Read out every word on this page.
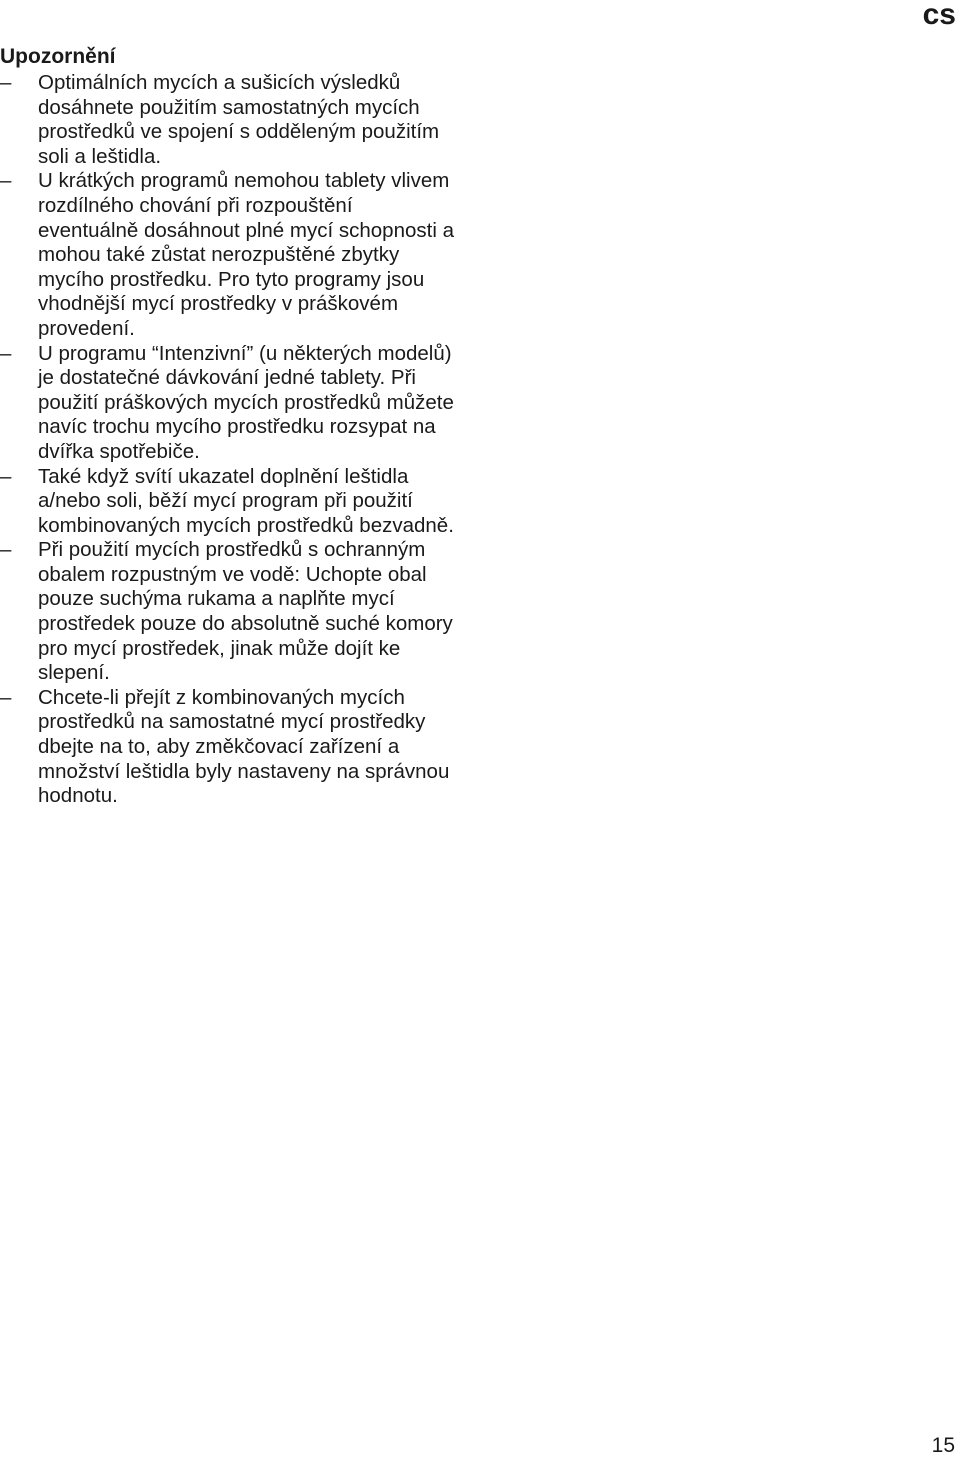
cs
Upozornění
– Optimálních mycích a sušicích výsledků dosáhnete použitím samostatných mycích prostředků ve spojení s odděleným použitím soli a leštidla.
– U krátkých programů nemohou tablety vlivem rozdílného chování při rozpouštění eventuálně dosáhnout plné mycí schopnosti a mohou také zůstat nerozpuštěné zbytky mycího prostředku. Pro tyto programy jsou vhodnější mycí prostředky v práškovém provedení.
– U programu “Intenzivní” (u některých modelů) je dostatečné dávkování jedné tablety. Při použití práškových mycích prostředků můžete navíc trochu mycího prostředku rozsypat na dvířka spotřebiče.
– Také když svítí ukazatel doplnění leštidla a/nebo soli, běží mycí program při použití kombinovaných mycích prostředků bezvadně.
– Při použití mycích prostředků s ochranným obalem rozpustným ve vodě: Uchopte obal pouze suchýma rukama a naplňte mycí prostředek pouze do absolutně suché komory pro mycí prostředek, jinak může dojít ke slepení.
– Chcete-li přejít z kombinovaných mycích prostředků na samostatné mycí prostředky dbejte na to, aby změkčovací zařízení a množství leštidla byly nastaveny na správnou hodnotu.
15
